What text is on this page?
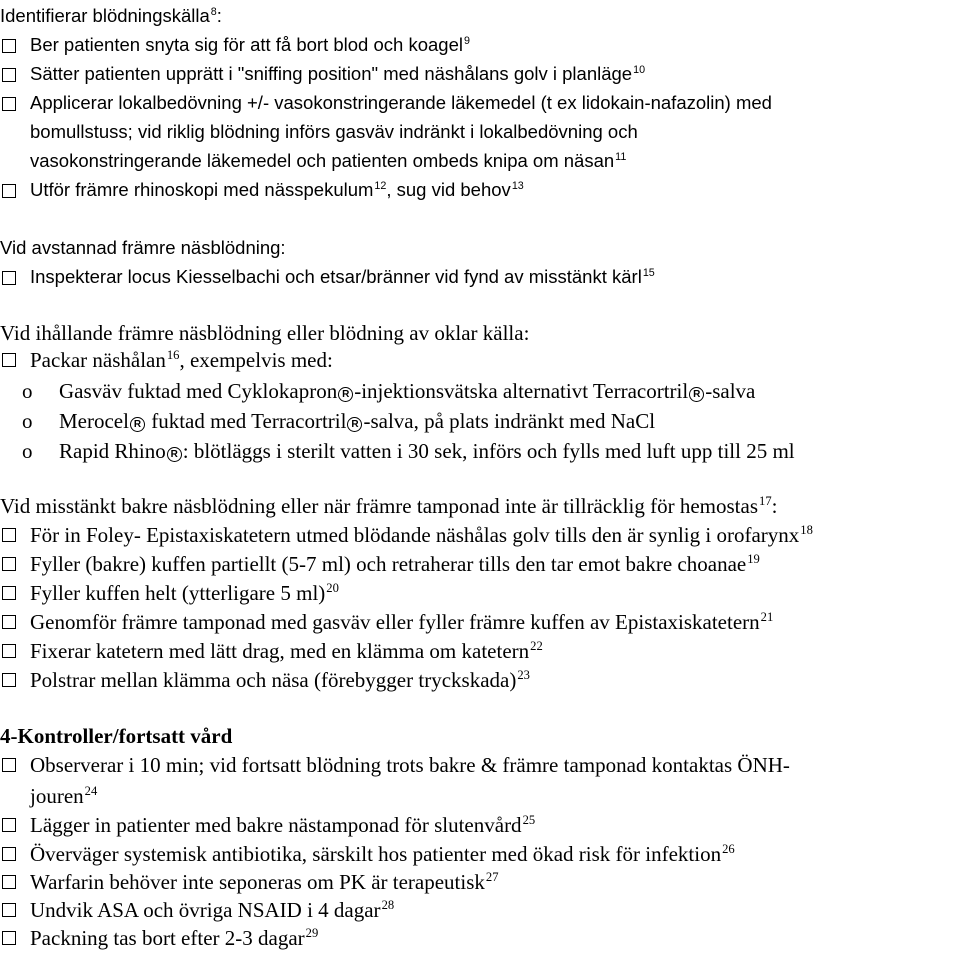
Identifierar blödningskälla$^8$:
Ber patienten snyta sig för att få bort blod och koagel$^9$
Sätter patienten upprätt i "sniffing position" med näshålans golv i planläge$^{10}$
Applicerar lokalbedövning +/- vasokonstringerande läkemedel (t ex lidokain-nafazolin) med
bomullstuss; vid riklig blödning införs gasväv indränkt i lokalbedövning och
vasokonstringerande läkemedel och patienten ombeds knipa om näsan$^{11}$
Utför främre rhinoskopi med nässpekulum$^{12}$, sug vid behov$^{13}$
Vid avstannad främre näsblödning:
Inspekterar locus Kiesselbachi och etsar/bränner vid fynd av misstänkt kärl$^{15}$
Vid ihållande främre näsblödning eller blödning av oklar källa:
Packar näshålan$^{16}$, exempelvis med:
o Gasväv fuktad med Cyklokapron R -injektionsvätska alternativt Terracortril R -salva
o Merocel R fuktad med Terracortril R -salva, på plats indränkt med NaCl
o Rapid Rhino R : blötläggs i sterilt vatten i 30 sek, införs och fylls med luft upp till 25 ml
Vid misstänkt bakre näsblödning eller när främre tamponad inte är tillräcklig för hemostas$^{17}$:
För in Foley- Epistaxiskatetern utmed blödande näshålas golv tills den är synlig i orofarynx$^{18}$
Fyller (bakre) kuffen partiellt (5-7 ml) och retraherar tills den tar emot bakre choanae$^{19}$
Fyller kuffen helt (ytterligare 5 ml)$^{20}$
Genomför främre tamponad med gasväv eller fyller främre kuffen av Epistaxiskatetern$^{21}$
Fixerar katetern med lätt drag, med en klämma om katetern$^{22}$
Polstrar mellan klämma och näsa (förebygger tryckskada)$^{23}$
4-Kontroller/fortsatt vård
Observerar i 10 min; vid fortsatt blödning trots bakre & främre tamponad kontaktas ÖNH-
jouren$^{24}$
Lägger in patienter med bakre nästamponad för slutenvård$^{25}$
Överväger systemisk antibiotika, särskilt hos patienter med ökad risk för infektion$^{26}$
Warfarin behöver inte seponeras om PK är terapeutisk$^{27}$
Undvik ASA och övriga NSAID i 4 dagar$^{28}$
Packning tas bort efter 2-3 dagar$^{29}$
